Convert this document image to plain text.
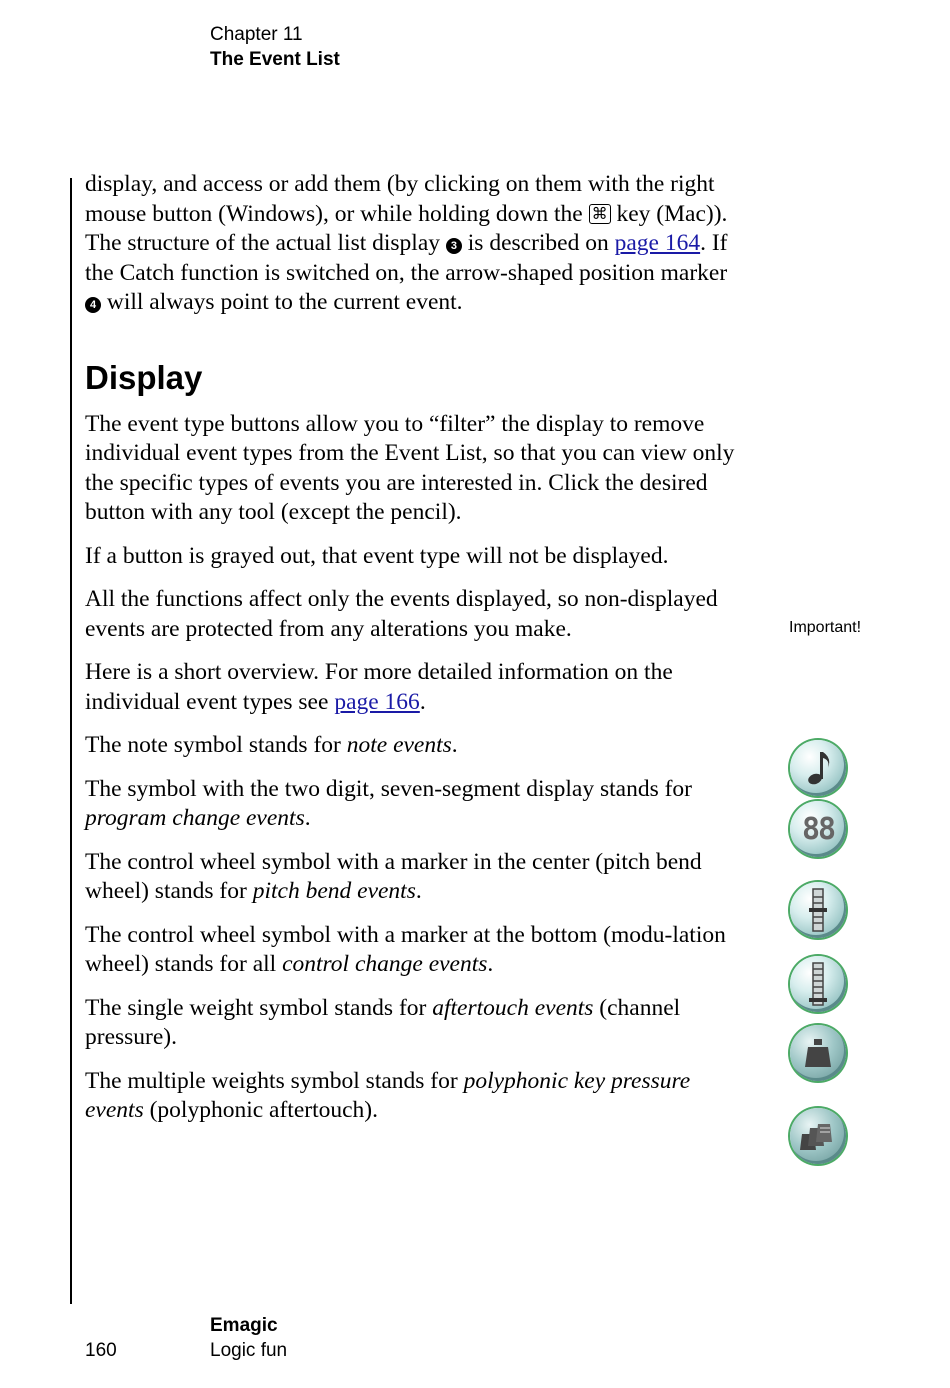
Chapter 11
The Event List

display, and access or add them (by clicking on them with the right mouse button (Windows), or while holding down the ⌘ key (Mac)). The structure of the actual list display 3 is described on page 164. If the Catch function is switched on, the arrow-shaped position marker 4 will always point to the current event.

Display

The event type buttons allow you to “filter” the display to remove individual event types from the Event List, so that you can view only the specific types of events you are interested in. Click the desired button with any tool (except the pencil).

If a button is grayed out, that event type will not be displayed.

All the functions affect only the events displayed, so non-displayed events are protected from any alterations you make.

Here is a short overview. For more detailed information on the individual event types see page 166.

The note symbol stands for note events.

The symbol with the two digit, seven-segment display stands for program change events.

The control wheel symbol with a marker in the center (pitch bend wheel) stands for pitch bend events.

The control wheel symbol with a marker at the bottom (modu-lation wheel) stands for all control change events.

The single weight symbol stands for aftertouch events (channel pressure).

The multiple weights symbol stands for polyphonic key pressure events (polyphonic aftertouch).

Important!
88
Emagic
Logic fun
160
